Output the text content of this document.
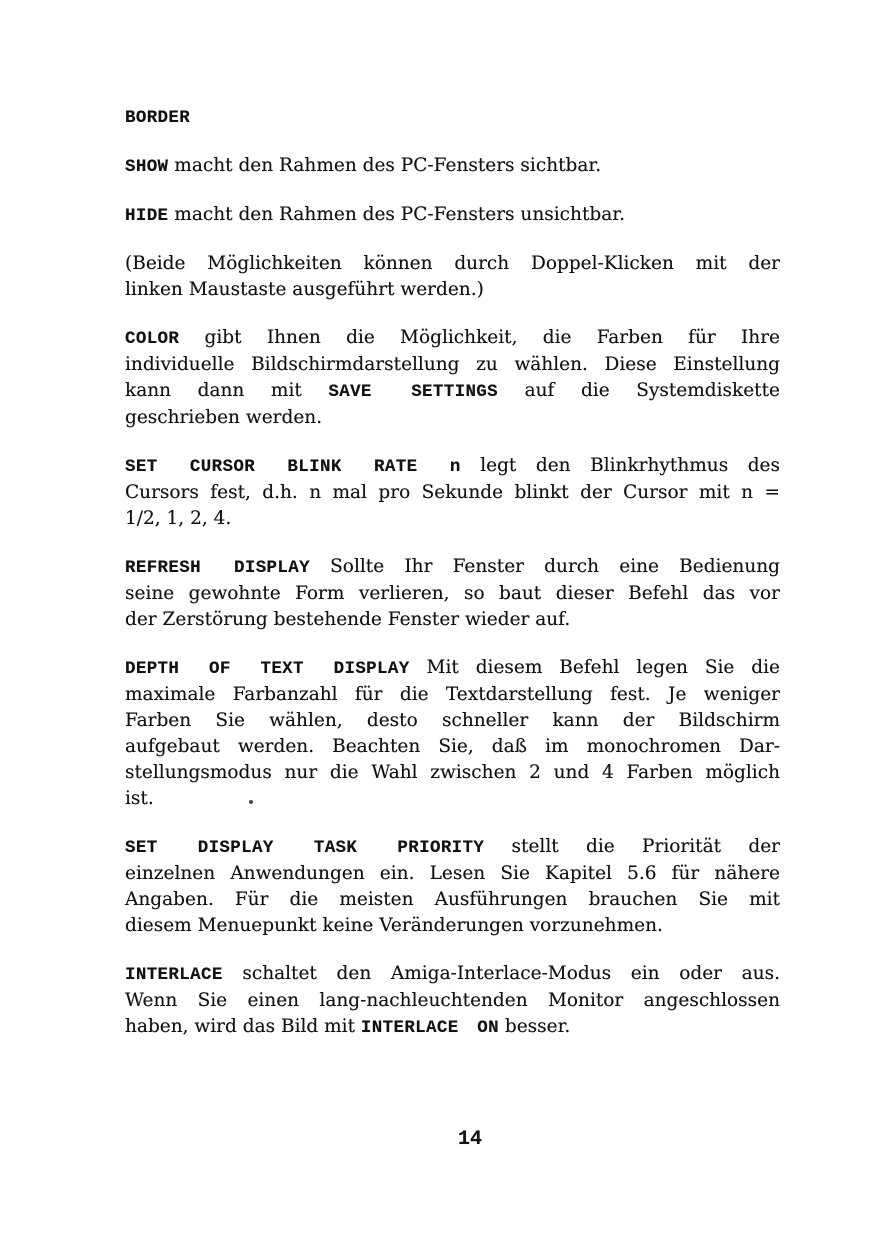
BORDER
SHOW macht den Rahmen des PC-Fensters sichtbar.
HIDE macht den Rahmen des PC-Fensters unsichtbar.
(Beide Möglichkeiten können durch Doppel-Klicken mit der
linken Maustaste ausgeführt werden.)
COLOR gibt Ihnen die Möglichkeit, die Farben für Ihre
individuelle Bildschirmdarstellung zu wählen. Diese Einstellung
kann dann mit SAVE SETTINGS auf die Systemdiskette
geschrieben werden.
SET CURSOR BLINK RATE n legt den Blinkrhythmus des
Cursors fest, d.h. n mal pro Sekunde blinkt der Cursor mit n =
1/2, 1, 2, 4.
REFRESH DISPLAY Sollte Ihr Fenster durch eine Bedienung
seine gewohnte Form verlieren, so baut dieser Befehl das vor
der Zerstörung bestehende Fenster wieder auf.
DEPTH OF TEXT DISPLAY Mit diesem Befehl legen Sie die
maximale Farbanzahl für die Textdarstellung fest. Je weniger
Farben Sie wählen, desto schneller kann der Bildschirm
aufgebaut werden. Beachten Sie, daß im monochromen Dar-
stellungsmodus nur die Wahl zwischen 2 und 4 Farben möglich
ist.
SET DISPLAY TASK PRIORITY stellt die Priorität der
einzelnen Anwendungen ein. Lesen Sie Kapitel 5.6 für nähere
Angaben. Für die meisten Ausführungen brauchen Sie mit
diesem Menuepunkt keine Veränderungen vorzunehmen.
INTERLACE schaltet den Amiga-Interlace-Modus ein oder aus.
Wenn Sie einen lang-nachleuchtenden Monitor angeschlossen
haben, wird das Bild mit INTERLACE ON besser.
14
